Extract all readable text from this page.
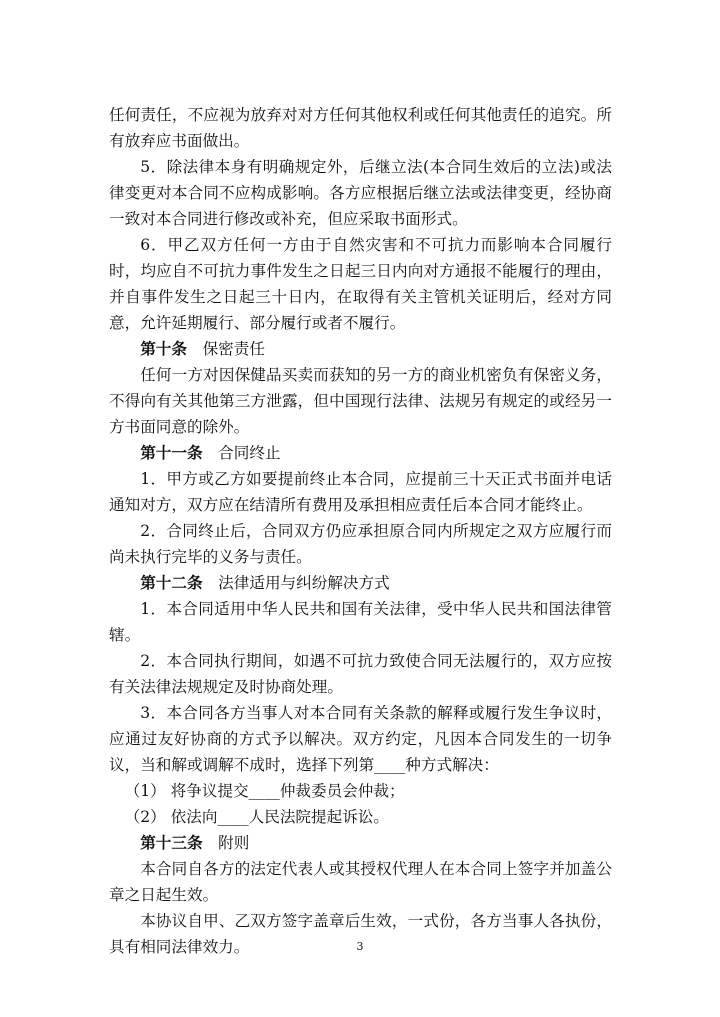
任何责任，不应视为放弃对对方任何其他权利或任何其他责任的追究。所有放弃应书面做出。

5．除法律本身有明确规定外，后继立法(本合同生效后的立法)或法律变更对本合同不应构成影响。各方应根据后继立法或法律变更，经协商一致对本合同进行修改或补充，但应采取书面形式。

6．甲乙双方任何一方由于自然灾害和不可抗力而影响本合同履行时，均应自不可抗力事件发生之日起三日内向对方通报不能履行的理由，并自事件发生之日起三十日内，在取得有关主管机关证明后，经对方同意，允许延期履行、部分履行或者不履行。

第十条 保密责任

任何一方对因保健品买卖而获知的另一方的商业机密负有保密义务，不得向有关其他第三方泄露，但中国现行法律、法规另有规定的或经另一方书面同意的除外。

第十一条 合同终止

1．甲方或乙方如要提前终止本合同，应提前三十天正式书面并电话通知对方，双方应在结清所有费用及承担相应责任后本合同才能终止。

2．合同终止后，合同双方仍应承担原合同内所规定之双方应履行而尚未执行完毕的义务与责任。

第十二条 法律适用与纠纷解决方式

1．本合同适用中华人民共和国有关法律，受中华人民共和国法律管辖。

2．本合同执行期间，如遇不可抗力致使合同无法履行的，双方应按有关法律法规规定及时协商处理。

3．本合同各方当事人对本合同有关条款的解释或履行发生争议时，应通过友好协商的方式予以解决。双方约定，凡因本合同发生的一切争议，当和解或调解不成时，选择下列第____种方式解决：

（1） 将争议提交____仲裁委员会仲裁；

（2） 依法向____人民法院提起诉讼。

第十三条 附则

本合同自各方的法定代表人或其授权代理人在本合同上签字并加盖公章之日起生效。

本协议自甲、乙双方签字盖章后生效，一式份，各方当事人各执份，具有相同法律效力。	3
